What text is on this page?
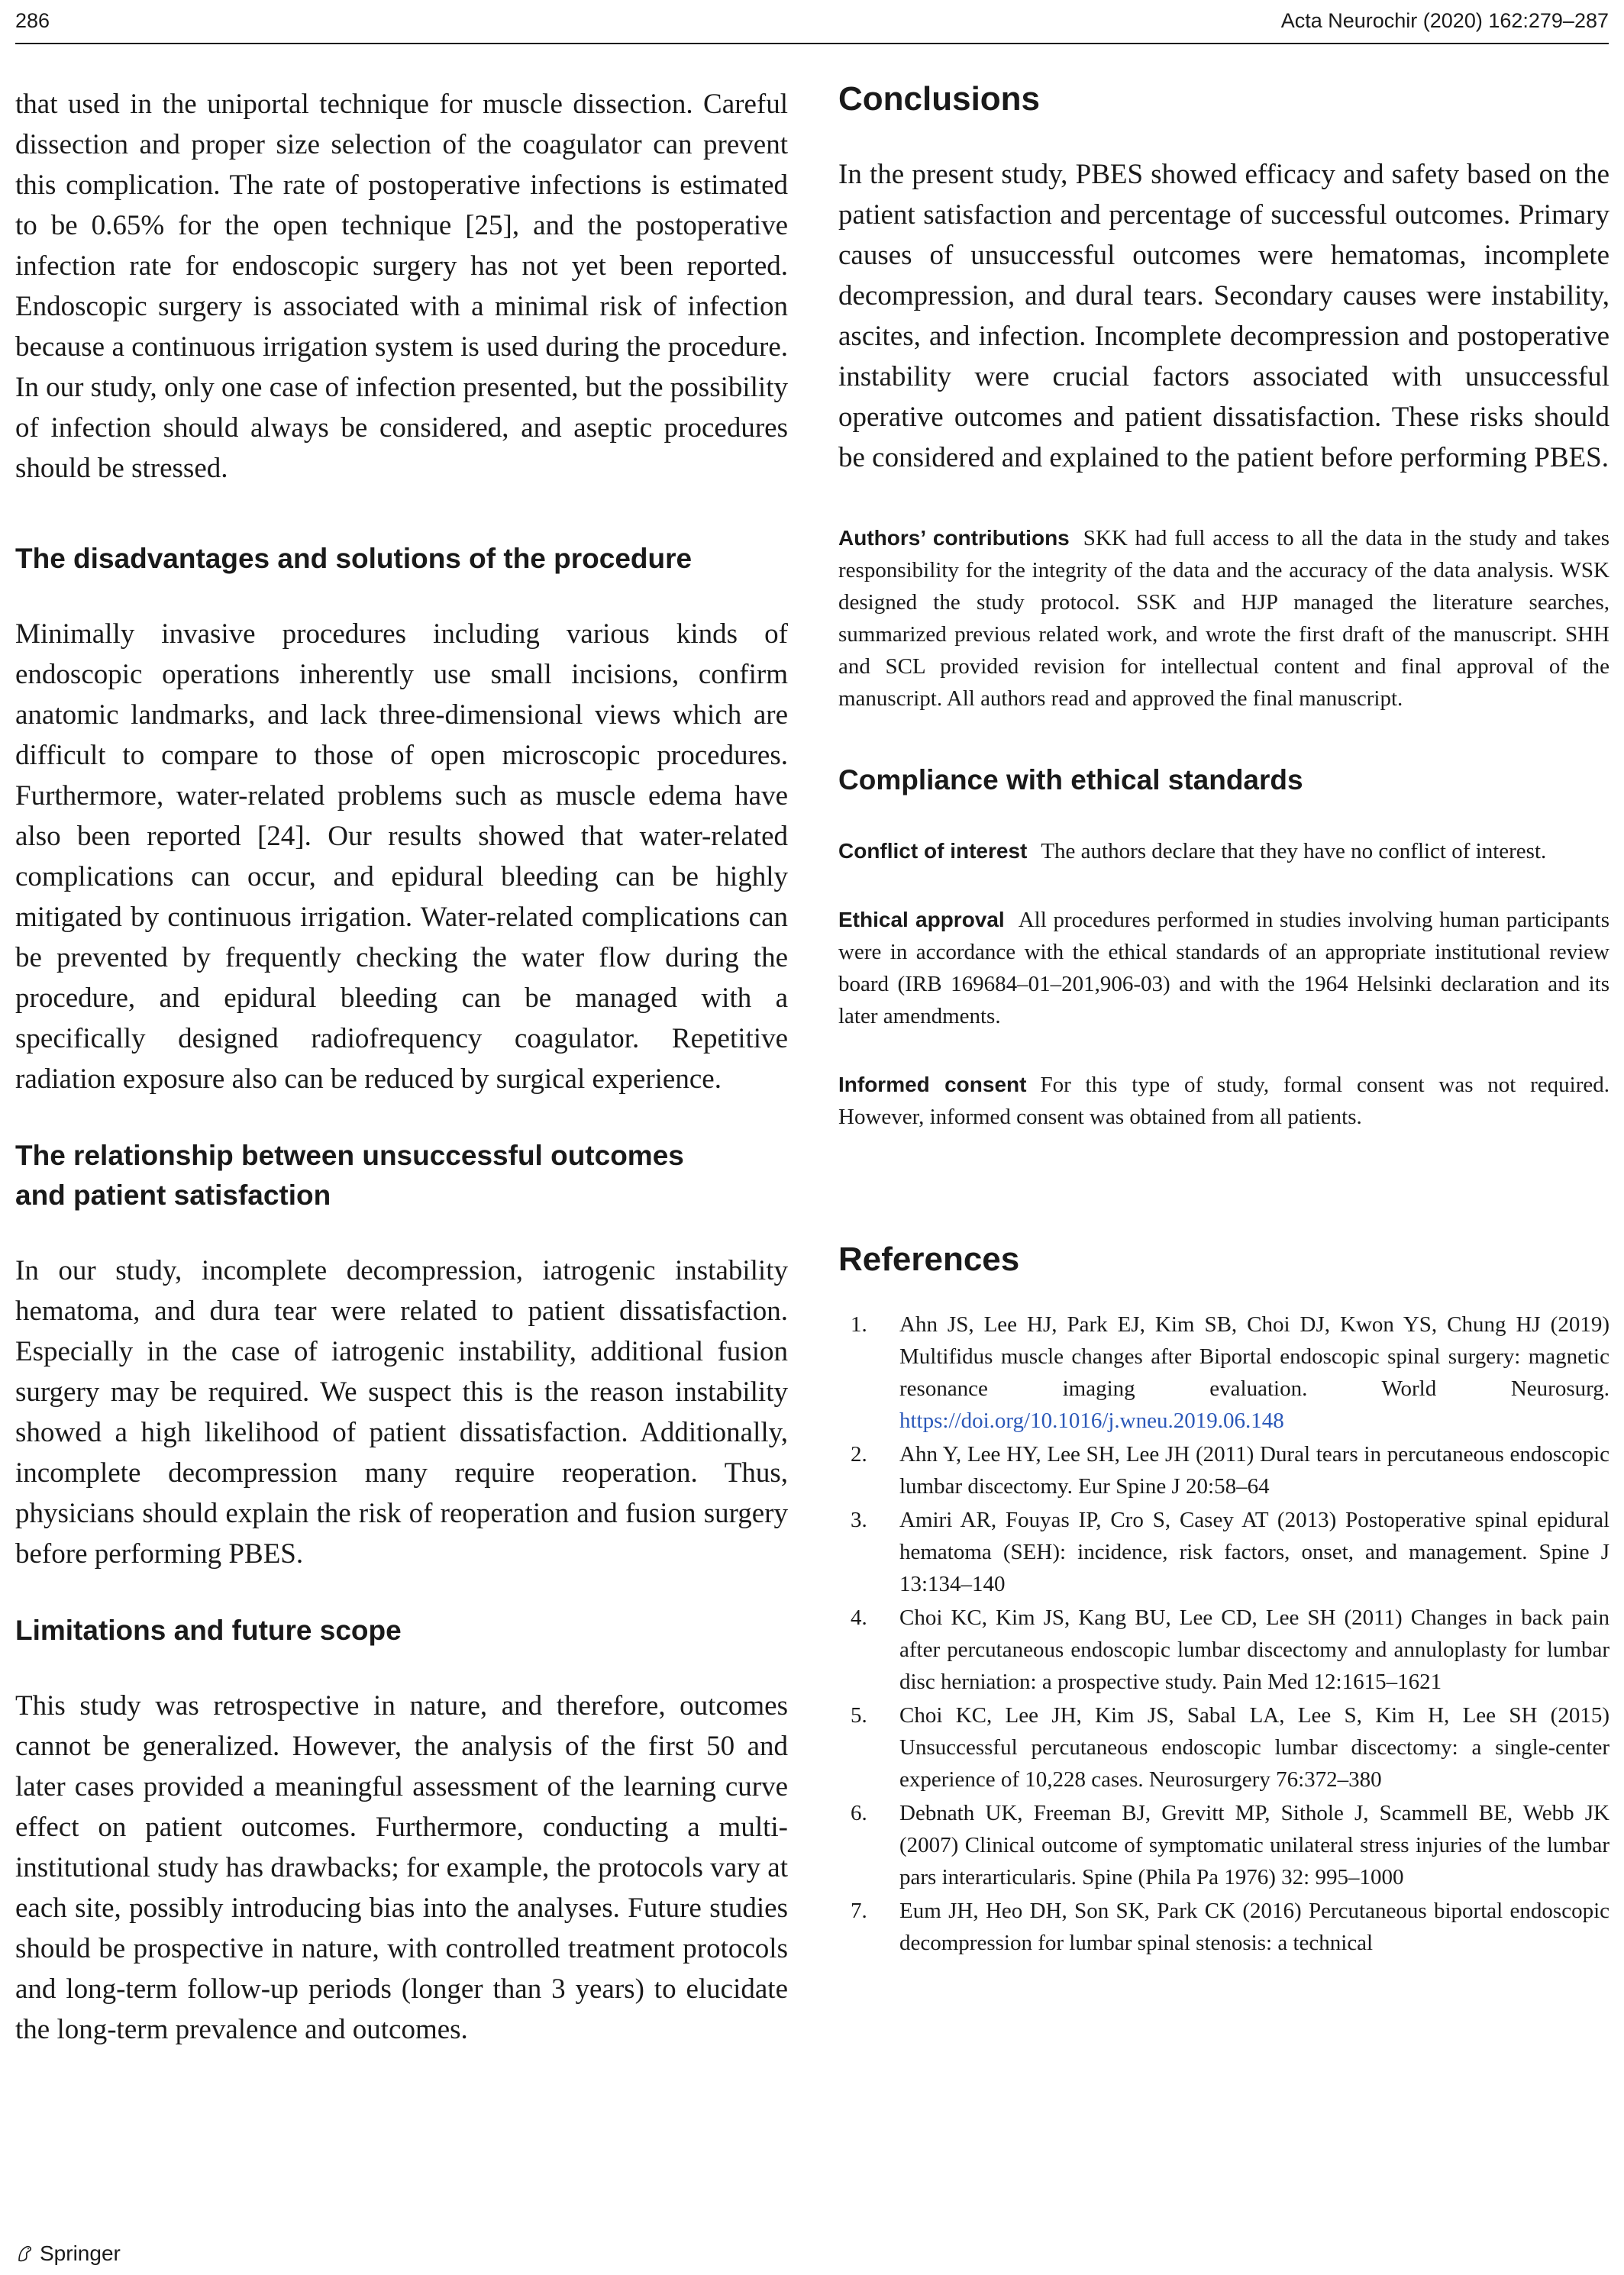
286	Acta Neurochir (2020) 162:279–287

that used in the uniportal technique for muscle dissection. Careful dissection and proper size selection of the coagulator can prevent this complication. The rate of postoperative infections is estimated to be 0.65% for the open technique [25], and the postoperative infection rate for endoscopic surgery has not yet been reported. Endoscopic surgery is associated with a minimal risk of infection because a continuous irrigation system is used during the procedure. In our study, only one case of infection presented, but the possibility of infection should always be considered, and aseptic procedures should be stressed.

The disadvantages and solutions of the procedure

Minimally invasive procedures including various kinds of endoscopic operations inherently use small incisions, confirm anatomic landmarks, and lack three-dimensional views which are difficult to compare to those of open microscopic procedures. Furthermore, water-related problems such as muscle edema have also been reported [24]. Our results showed that water-related complications can occur, and epidural bleeding can be highly mitigated by continuous irrigation. Water-related complications can be prevented by frequently checking the water flow during the procedure, and epidural bleeding can be managed with a specifically designed radiofrequency coagulator. Repetitive radiation exposure also can be reduced by surgical experience.

The relationship between unsuccessful outcomes
and patient satisfaction

In our study, incomplete decompression, iatrogenic instability hematoma, and dura tear were related to patient dissatisfaction. Especially in the case of iatrogenic instability, additional fusion surgery may be required. We suspect this is the reason instability showed a high likelihood of patient dissatisfaction. Additionally, incomplete decompression many require reoperation. Thus, physicians should explain the risk of reoperation and fusion surgery before performing PBES.

Limitations and future scope

This study was retrospective in nature, and therefore, outcomes cannot be generalized. However, the analysis of the first 50 and later cases provided a meaningful assessment of the learning curve effect on patient outcomes. Furthermore, conducting a multi-institutional study has drawbacks; for example, the protocols vary at each site, possibly introducing bias into the analyses. Future studies should be prospective in nature, with controlled treatment protocols and long-term follow-up periods (longer than 3 years) to elucidate the long-term prevalence and outcomes.

Conclusions

In the present study, PBES showed efficacy and safety based on the patient satisfaction and percentage of successful outcomes. Primary causes of unsuccessful outcomes were hematomas, incomplete decompression, and dural tears. Secondary causes were instability, ascites, and infection. Incomplete decompression and postoperative instability were crucial factors associated with unsuccessful operative outcomes and patient dissatisfaction. These risks should be considered and explained to the patient before performing PBES.

Authors’ contributions SKK had full access to all the data in the study and takes responsibility for the integrity of the data and the accuracy of the data analysis. WSK designed the study protocol. SSK and HJP managed the literature searches, summarized previous related work, and wrote the first draft of the manuscript. SHH and SCL provided revision for intellectual content and final approval of the manuscript. All authors read and approved the final manuscript.

Compliance with ethical standards

Conflict of interest The authors declare that they have no conflict of interest.

Ethical approval All procedures performed in studies involving human participants were in accordance with the ethical standards of an appropriate institutional review board (IRB 169684–01–201,906-03) and with the 1964 Helsinki declaration and its later amendments.

Informed consent For this type of study, formal consent was not required. However, informed consent was obtained from all patients.

References
1. Ahn JS, Lee HJ, Park EJ, Kim SB, Choi DJ, Kwon YS, Chung HJ (2019) Multifidus muscle changes after Biportal endoscopic spinal surgery: magnetic resonance imaging evaluation. World Neurosurg. https://doi.org/10.1016/j.wneu.2019.06.148
2. Ahn Y, Lee HY, Lee SH, Lee JH (2011) Dural tears in percutaneous endoscopic lumbar discectomy. Eur Spine J 20:58–64
3. Amiri AR, Fouyas IP, Cro S, Casey AT (2013) Postoperative spinal epidural hematoma (SEH): incidence, risk factors, onset, and management. Spine J 13:134–140
4. Choi KC, Kim JS, Kang BU, Lee CD, Lee SH (2011) Changes in back pain after percutaneous endoscopic lumbar discectomy and annuloplasty for lumbar disc herniation: a prospective study. Pain Med 12:1615–1621
5. Choi KC, Lee JH, Kim JS, Sabal LA, Lee S, Kim H, Lee SH (2015) Unsuccessful percutaneous endoscopic lumbar discectomy: a single-center experience of 10,228 cases. Neurosurgery 76:372–380
6. Debnath UK, Freeman BJ, Grevitt MP, Sithole J, Scammell BE, Webb JK (2007) Clinical outcome of symptomatic unilateral stress injuries of the lumbar pars interarticularis. Spine (Phila Pa 1976) 32: 995–1000
7. Eum JH, Heo DH, Son SK, Park CK (2016) Percutaneous biportal endoscopic decompression for lumbar spinal stenosis: a technical
Springer
